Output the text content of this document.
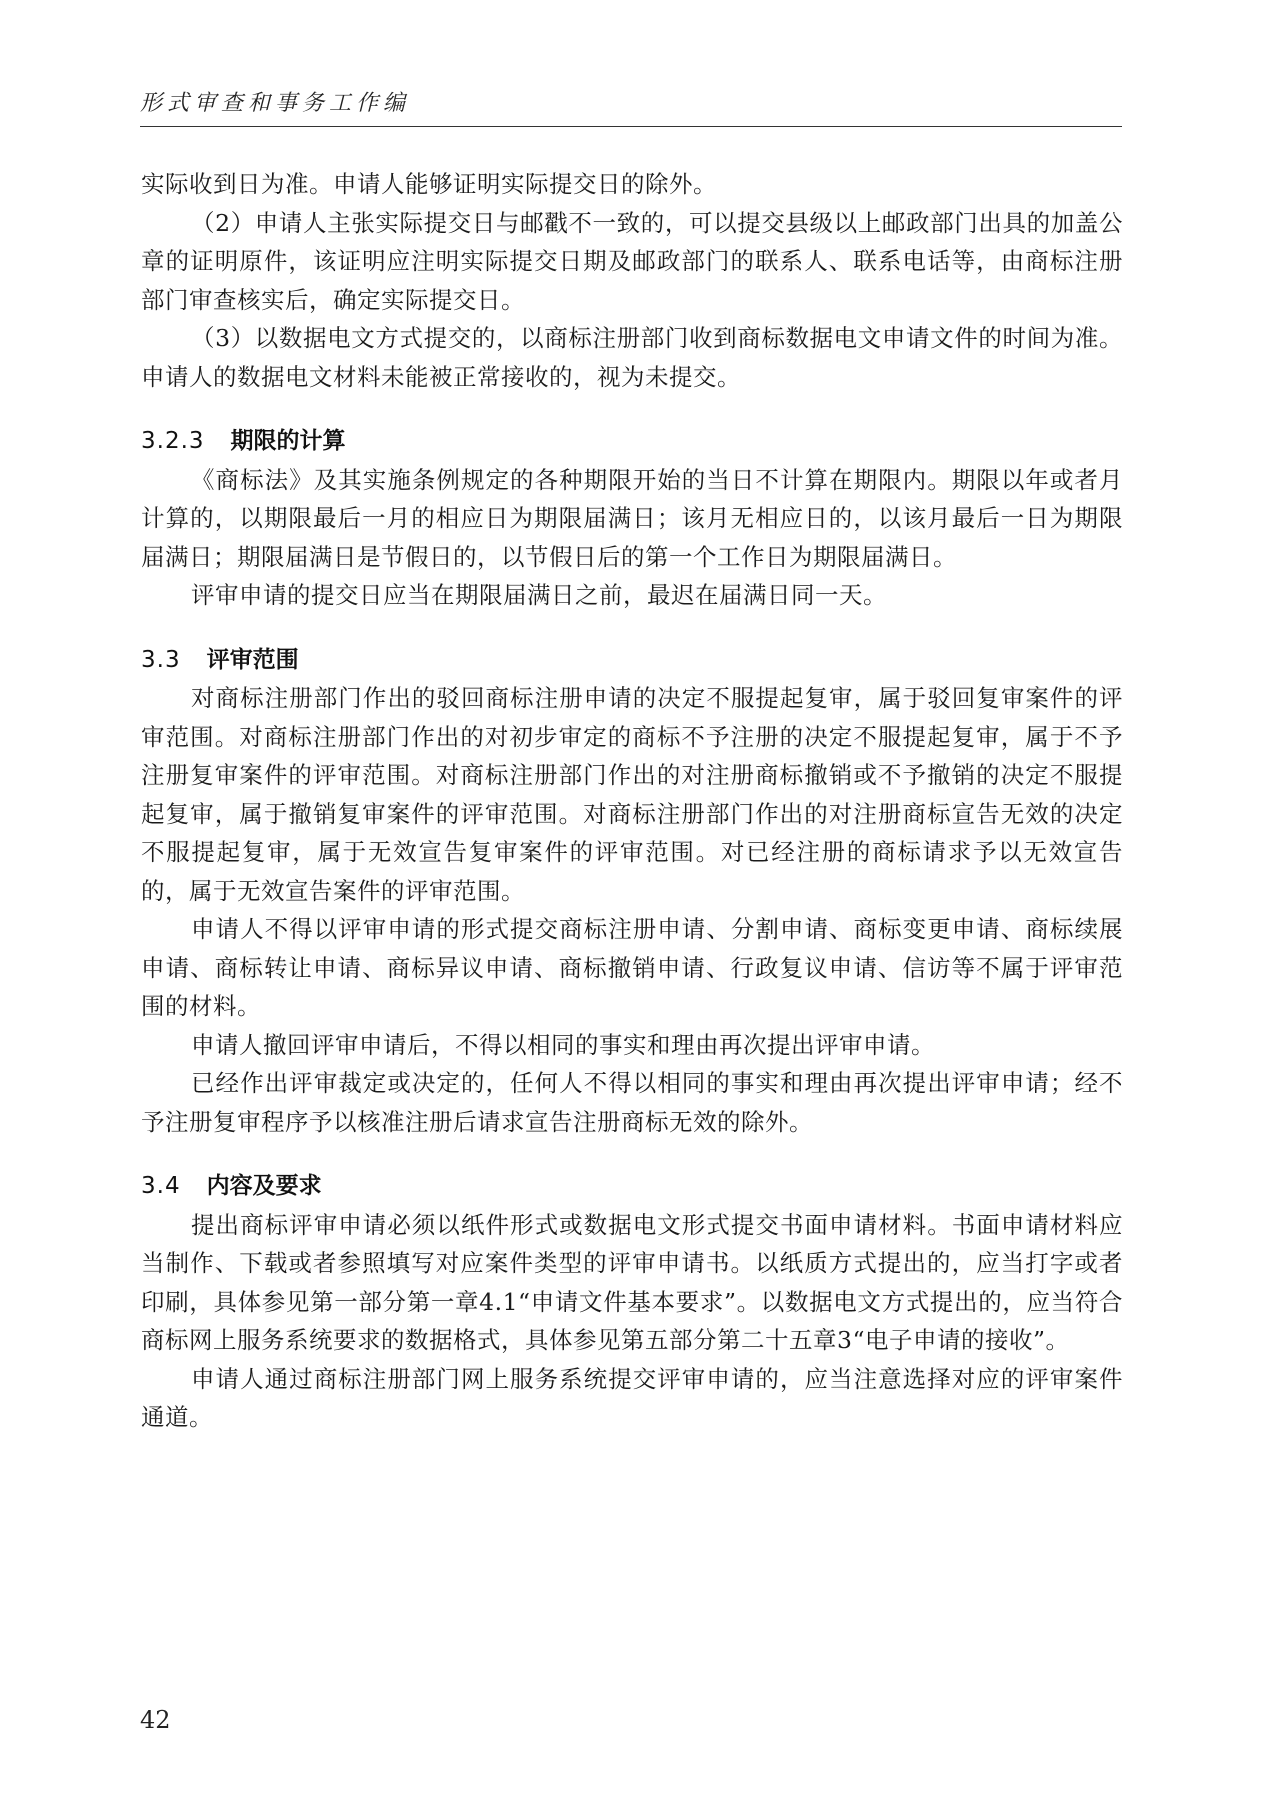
形式审查和事务工作编

实际收到日为准。申请人能够证明实际提交日的除外。

（2）申请人主张实际提交日与邮戳不一致的，可以提交县级以上邮政部门出具的加盖公章的证明原件，该证明应注明实际提交日期及邮政部门的联系人、联系电话等，由商标注册部门审查核实后，确定实际提交日。

（3）以数据电文方式提交的，以商标注册部门收到商标数据电文申请文件的时间为准。申请人的数据电文材料未能被正常接收的，视为未提交。

3.2.3 期限的计算

《商标法》及其实施条例规定的各种期限开始的当日不计算在期限内。期限以年或者月计算的，以期限最后一月的相应日为期限届满日；该月无相应日的，以该月最后一日为期限届满日；期限届满日是节假日的，以节假日后的第一个工作日为期限届满日。

评审申请的提交日应当在期限届满日之前，最迟在届满日同一天。

3.3 评审范围

对商标注册部门作出的驳回商标注册申请的决定不服提起复审，属于驳回复审案件的评审范围。对商标注册部门作出的对初步审定的商标不予注册的决定不服提起复审，属于不予注册复审案件的评审范围。对商标注册部门作出的对注册商标撤销或不予撤销的决定不服提起复审，属于撤销复审案件的评审范围。对商标注册部门作出的对注册商标宣告无效的决定不服提起复审，属于无效宣告复审案件的评审范围。对已经注册的商标请求予以无效宣告的，属于无效宣告案件的评审范围。

申请人不得以评审申请的形式提交商标注册申请、分割申请、商标变更申请、商标续展申请、商标转让申请、商标异议申请、商标撤销申请、行政复议申请、信访等不属于评审范围的材料。

申请人撤回评审申请后，不得以相同的事实和理由再次提出评审申请。

已经作出评审裁定或决定的，任何人不得以相同的事实和理由再次提出评审申请；经不予注册复审程序予以核准注册后请求宣告注册商标无效的除外。

3.4 内容及要求

提出商标评审申请必须以纸件形式或数据电文形式提交书面申请材料。书面申请材料应当制作、下载或者参照填写对应案件类型的评审申请书。以纸质方式提出的，应当打字或者印刷，具体参见第一部分第一章4.1“申请文件基本要求”。以数据电文方式提出的，应当符合商标网上服务系统要求的数据格式，具体参见第五部分第二十五章3“电子申请的接收”。

申请人通过商标注册部门网上服务系统提交评审申请的，应当注意选择对应的评审案件通道。

42
